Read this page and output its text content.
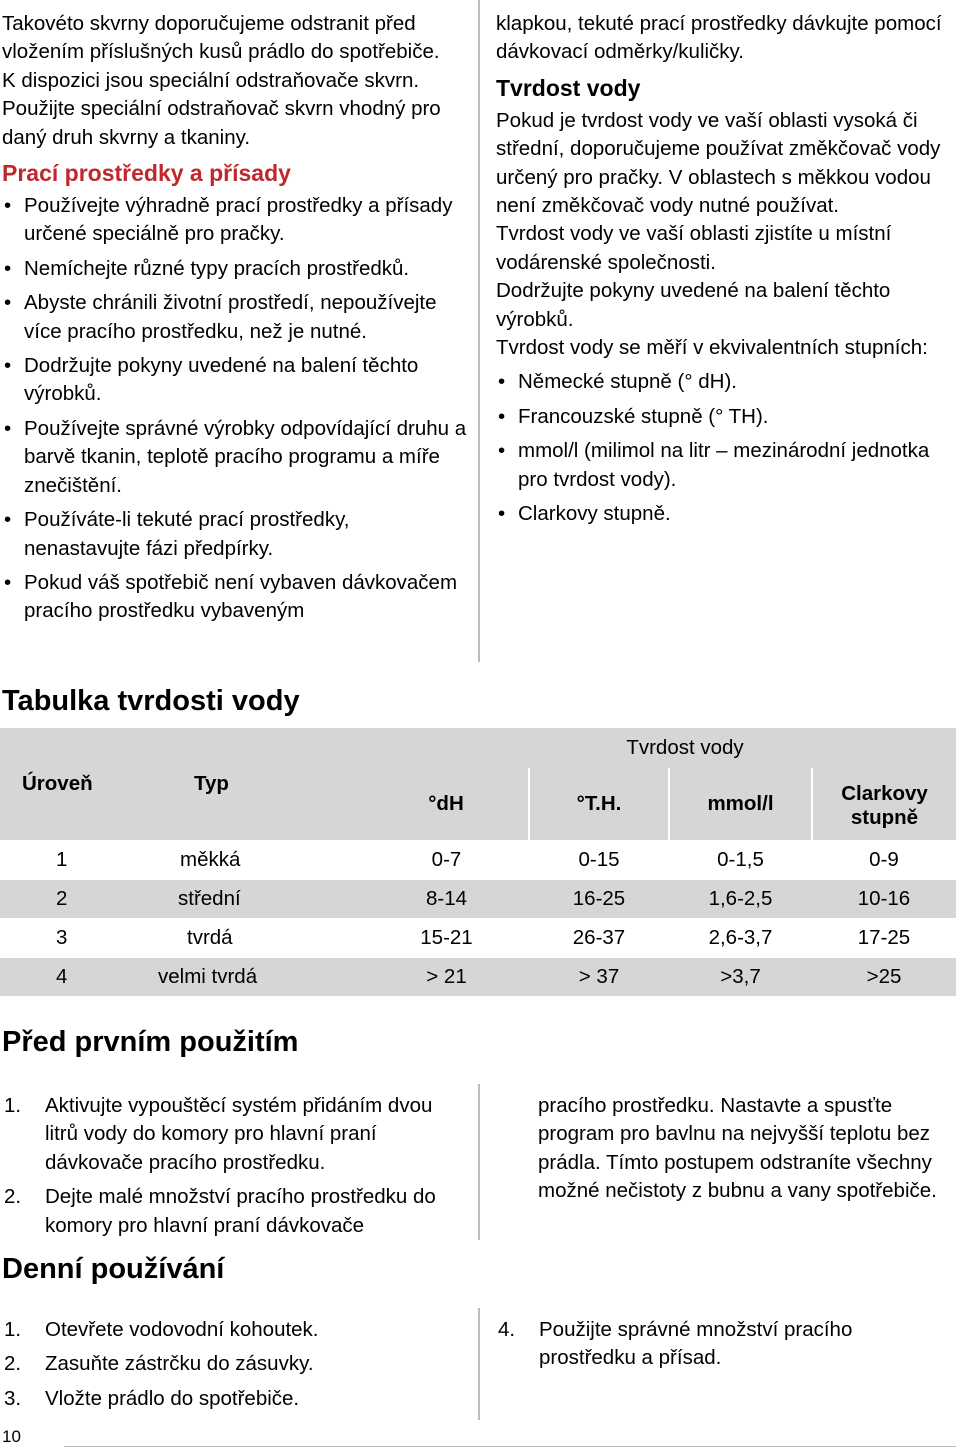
Takovéto skvrny doporučujeme odstranit před vložením příslušných kusů prádlo do spotřebiče.

K dispozici jsou speciální odstraňovače skvrn. Použijte speciální odstraňovač skvrn vhodný pro daný druh skvrny a tkaniny.

Prací prostředky a přísady
• Používejte výhradně prací prostředky a přísady určené speciálně pro pračky.
• Nemíchejte různé typy pracích prostředků.
• Abyste chránili životní prostředí, nepoužívejte více pracího prostředku, než je nutné.
• Dodržujte pokyny uvedené na balení těchto výrobků.
• Používejte správné výrobky odpovídající druhu a barvě tkanin, teplotě pracího programu a míře znečištění.
• Používáte-li tekuté prací prostředky, nenastavujte fázi předpírky.
• Pokud váš spotřebič není vybaven dávkovačem pracího prostředku vybaveným

klapkou, tekuté prací prostředky dávkujte pomocí dávkovací odměrky/kuličky.

Tvrdost vody

Pokud je tvrdost vody ve vaší oblasti vysoká či střední, doporučujeme používat změkčovač vody určený pro pračky. V oblastech s měkkou vodou není změkčovač vody nutné používat.

Tvrdost vody ve vaší oblasti zjistíte u místní vodárenské společnosti.

Dodržujte pokyny uvedené na balení těchto výrobků.

Tvrdost vody se měří v ekvivalentních stupních:

• Německé stupně (° dH).
• Francouzské stupně (° TH).
• mmol/l (milimol na litr – mezinárodní jednotka pro tvrdost vody).
• Clarkovy stupně.
Tabulka tvrdosti vody
Úroveň	Typ	Tvrdost vody			
		°dH	°T.H.	mmol/l	Clarkovy stupně
1	měkká	0-7	0-15	0-1,5	0-9
2	střední	8-14	16-25	1,6-2,5	10-16
3	tvrdá	15-21	26-37	2,6-3,7	17-25
4	velmi tvrdá	> 21	> 37	>3,7	>25
Před prvním použitím
1. Aktivujte vypouštěcí systém přidáním dvou litrů vody do komory pro hlavní praní dávkovače pracího prostředku.
2. Dejte malé množství pracího prostředku do komory pro hlavní praní dávkovače
pracího prostředku. Nastavte a spusťte program pro bavlnu na nejvyšší teplotu bez prádla. Tímto postupem odstraníte všechny možné nečistoty z bubnu a vany spotřebiče.
Denní používání
1. Otevřete vodovodní kohoutek.
2. Zasuňte zástrčku do zásuvky.
3. Vložte prádlo do spotřebiče.
4. Použijte správné množství pracího prostředku a přísad.
10
